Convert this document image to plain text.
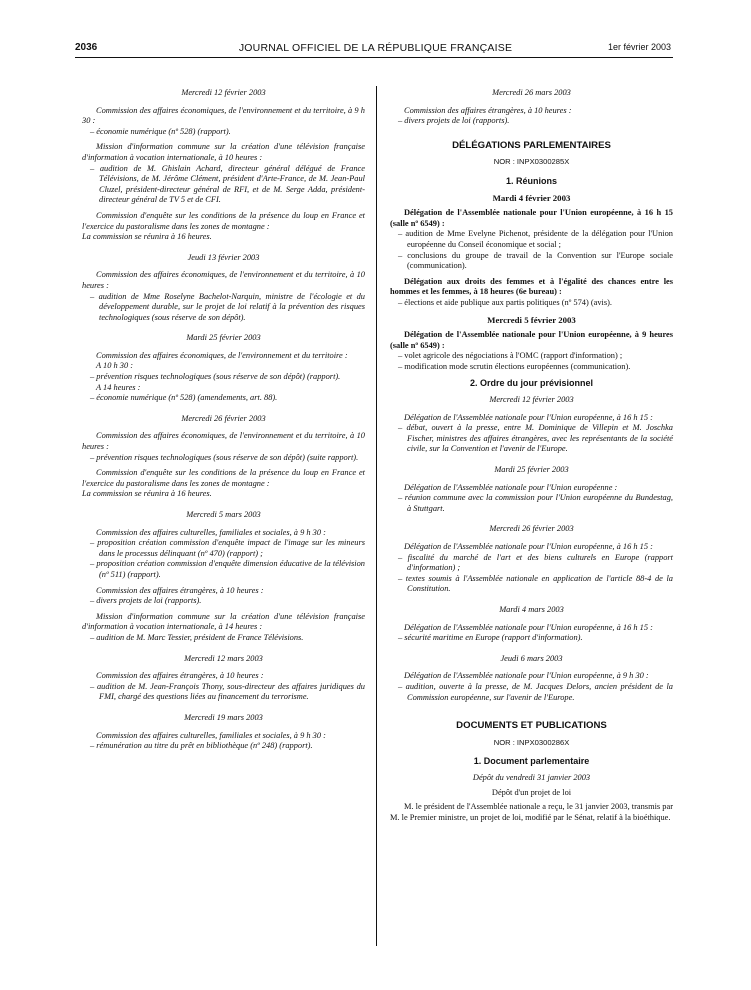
2036	JOURNAL OFFICIEL DE LA RÉPUBLIQUE FRANÇAISE	1er février 2003
Mercredi 12 février 2003

Commission des affaires économiques, de l'environnement et du territoire, à 9 h 30 :

– économie numérique (nº 528) (rapport).

Mission d'information commune sur la création d'une télévision française d'information à vocation internationale, à 10 heures :

– audition de M. Ghislain Achard, directeur général délégué de France Télévisions, de M. Jérôme Clément, président d'Arte-France, de M. Jean-Paul Cluzel, président-directeur général de RFI, et de M. Serge Adda, président-directeur général de TV 5 et de CFI.

Commission d'enquête sur les conditions de la présence du loup en France et l'exercice du pastoralisme dans les zones de montagne :

La commission se réunira à 16 heures.

Jeudi 13 février 2003

Commission des affaires économiques, de l'environnement et du territoire, à 10 heures :

– audition de Mme Roselyne Bachelot-Narquin, ministre de l'écologie et du développement durable, sur le projet de loi relatif à la prévention des risques technologiques (sous réserve de son dépôt).

Mardi 25 février 2003

Commission des affaires économiques, de l'environnement et du territoire :

A 10 h 30 :

– prévention risques technologiques (sous réserve de son dépôt) (rapport).

A 14 heures :

– économie numérique (nº 528) (amendements, art. 88).

Mercredi 26 février 2003

Commission des affaires économiques, de l'environnement et du territoire, à 10 heures :

– prévention risques technologiques (sous réserve de son dépôt) (suite rapport).

Commission d'enquête sur les conditions de la présence du loup en France et l'exercice du pastoralisme dans les zones de montagne :

La commission se réunira à 16 heures.

Mercredi 5 mars 2003

Commission des affaires culturelles, familiales et sociales, à 9 h 30 :

– proposition création commission d'enquête impact de l'image sur les mineurs dans le processus délinquant (nº 470) (rapport) ;

– proposition création commission d'enquête dimension éducative de la télévision (nº 511) (rapport).

Commission des affaires étrangères, à 10 heures :

– divers projets de loi (rapports).

Mission d'information commune sur la création d'une télévision française d'information à vocation internationale, à 14 heures :

– audition de M. Marc Tessier, président de France Télévisions.

Mercredi 12 mars 2003

Commission des affaires étrangères, à 10 heures :

– audition de M. Jean-François Thony, sous-directeur des affaires juridiques du FMI, chargé des questions liées au financement du terrorisme.

Mercredi 19 mars 2003

Commission des affaires culturelles, familiales et sociales, à 9 h 30 :

– rémunération au titre du prêt en bibliothèque (nº 248) (rapport).

Mercredi 26 mars 2003

Commission des affaires étrangères, à 10 heures :

– divers projets de loi (rapports).

DÉLÉGATIONS PARLEMENTAIRES
NOR : INPX0300285X
1. Réunions
Mardi 4 février 2003

Délégation de l'Assemblée nationale pour l'Union européenne, à 16 h 15 (salle nº 6549) :

– audition de Mme Evelyne Pichenot, présidente de la délégation pour l'Union européenne du Conseil économique et social ;

– conclusions du groupe de travail de la Convention sur l'Europe sociale (communication).

Délégation aux droits des femmes et à l'égalité des chances entre les hommes et les femmes, à 18 heures (6e bureau) :

– élections et aide publique aux partis politiques (nº 574) (avis).

Mercredi 5 février 2003

Délégation de l'Assemblée nationale pour l'Union européenne, à 9 heures (salle nº 6549) :

– volet agricole des négociations à l'OMC (rapport d'information) ;

– modification mode scrutin élections européennes (communication).

2. Ordre du jour prévisionnel
Mercredi 12 février 2003

Délégation de l'Assemblée nationale pour l'Union européenne, à 16 h 15 :

– débat, ouvert à la presse, entre M. Dominique de Villepin et M. Joschka Fischer, ministres des affaires étrangères, avec les représentants de la société civile, sur la Convention et l'avenir de l'Europe.

Mardi 25 février 2003

Délégation de l'Assemblée nationale pour l'Union européenne :

– réunion commune avec la commission pour l'Union européenne du Bundestag, à Stuttgart.

Mercredi 26 février 2003

Délégation de l'Assemblée nationale pour l'Union européenne, à 16 h 15 :

– fiscalité du marché de l'art et des biens culturels en Europe (rapport d'information) ;

– textes soumis à l'Assemblée nationale en application de l'article 88-4 de la Constitution.

Mardi 4 mars 2003

Délégation de l'Assemblée nationale pour l'Union européenne, à 16 h 15 :

– sécurité maritime en Europe (rapport d'information).

Jeudi 6 mars 2003

Délégation de l'Assemblée nationale pour l'Union européenne, à 9 h 30 :

– audition, ouverte à la presse, de M. Jacques Delors, ancien président de la Commission européenne, sur l'avenir de l'Europe.

DOCUMENTS ET PUBLICATIONS
NOR : INPX0300286X
1. Document parlementaire
Dépôt du vendredi 31 janvier 2003
Dépôt d'un projet de loi

M. le président de l'Assemblée nationale a reçu, le 31 janvier 2003, transmis par M. le Premier ministre, un projet de loi, modifié par le Sénat, relatif à la bioéthique.
